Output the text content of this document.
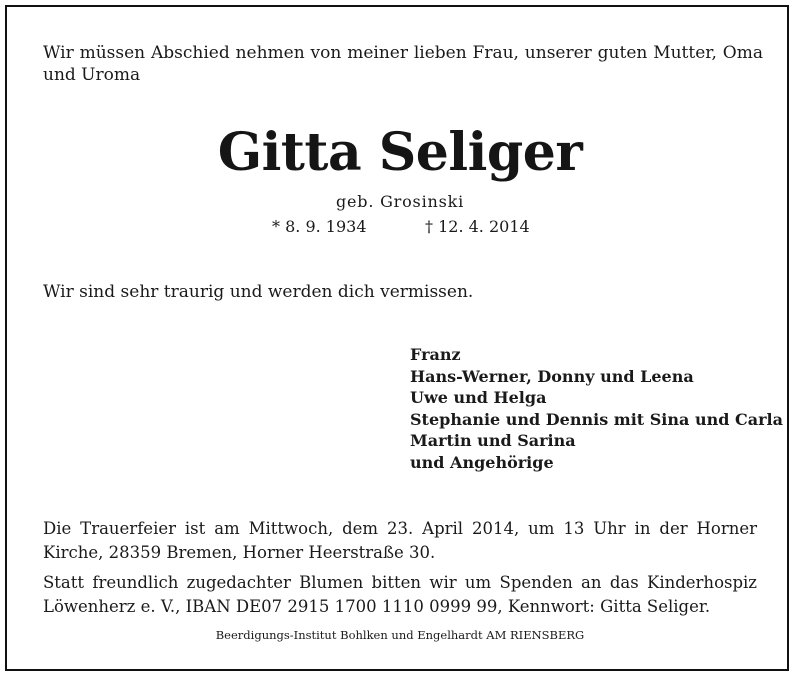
Wir müssen Abschied nehmen von meiner lieben Frau, unserer guten Mutter, Oma und Uroma
Gitta Seliger
geb. Grosinski
* 8. 9. 1934	† 12. 4. 2014
Wir sind sehr traurig und werden dich vermissen.
Franz
Hans-Werner, Donny und Leena
Uwe und Helga
Stephanie und Dennis mit Sina und Carla
Martin und Sarina
und Angehörige
Die Trauerfeier ist am Mittwoch, dem 23. April 2014, um 13 Uhr in der Horner Kirche, 28359 Bremen, Horner Heerstraße 30.
Statt freundlich zugedachter Blumen bitten wir um Spenden an das Kinderhospiz Löwenherz e. V., IBAN DE07 2915 1700 1110 0999 99, Kennwort: Gitta Seliger.
Beerdigungs-Institut Bohlken und Engelhardt AM RIENSBERG
